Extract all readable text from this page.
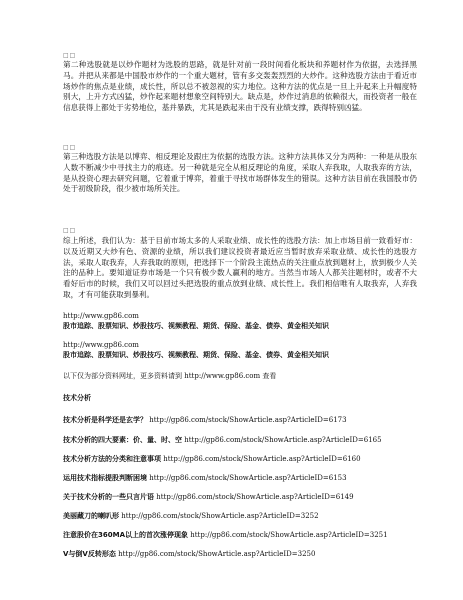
□□

第二种选股就是以炒作题材为选股的思路，就是针对前一段时间看化板块和养题材作为依据，去选择黑马。并把从来都是中国股市炒作的一个重大题材，管有多交轰轰烈烈的大炒作。这种选股方法由于看近市场炒作的焦点是业绩，成长性，所以总不被忽视的实力地位。这种方法的优点是一旦上升起来上升幅度特别大，上升方式凶猛，炒作起来题材想象空间特别大。缺点是，炒作过消息的依赖很大，而投资者一般在信息获得上都处于劣势地位，基并暴跌，尤其是跌起来由于没有业绩支撑，跌得特别凶猛。

□□

第三种选股方法是以博弈、相反理论及跟庄为依据的选股方法。这种方法具体又分为两种：一种是从股东人数不断减少中寻找主力的痕迹。另一种就是完全从相反理论的角度，采取人弃我取，人取我弃的方法，是从投资心理去研究问题，它着重于博弈，着重于寻找市场群体发生的错误。这种方法目前在我国股市仍处于初级阶段，很少被市场所关注。

□□

综上所述，我们认为：基于目前市场太多的人采取业绩、成长性的选股方法：加上市场目前一致看好市：以及近期又大炒有色、资源的业绩，所以我们建议投资者最近应当暂时放弃采取业绩、成长性的选股方法，采取人取我弃，人弃我取的原则，把选择下一个阶段主流热点的关注重点放到题材上，放到极少人关注的品种上。要知道证券市场是一个只有极少数人赢利的地方。当然当市场人人都关注题材时，或者不大看好后市的时候，我们又可以回过头把选股的重点放到业绩、成长性上。我们相信唯有人取我弃，人弃我取，才有可能获取到暴利。

http://www.gp86.com
股市追踪、股票知识、炒股技巧、视频教程、期货、保险、基金、债券、黄金相关知识
http://www.gp86.com
股市追踪、股票知识、炒股技巧、视频教程、期货、保险、基金、债券、黄金相关知识
以下仅为部分资料网址，更多资料请到 http://www.gp86.com 查看
技术分析
技术分析是科学还是玄学？ http://gp86.com/stock/ShowArticle.asp?ArticleID=6173
技术分析的四大要素：价、量、时、空 http://gp86.com/stock/ShowArticle.asp?ArticleID=6165
技术分析方法的分类和注意事项 http://gp86.com/stock/ShowArticle.asp?ArticleID=6160
运用技术指标提股判断困境 http://gp86.com/stock/ShowArticle.asp?ArticleID=6153
关于技术分析的一些只言片语 http://gp86.com/stock/ShowArticle.asp?ArticleID=6149
美丽藏刀的喇叭形 http://gp86.com/stock/ShowArticle.asp?ArticleID=3252
注意股价在360MA以上的首次涨停现象 http://gp86.com/stock/ShowArticle.asp?ArticleID=3251
V与倒V反转形态 http://gp86.com/stock/ShowArticle.asp?ArticleID=3250
